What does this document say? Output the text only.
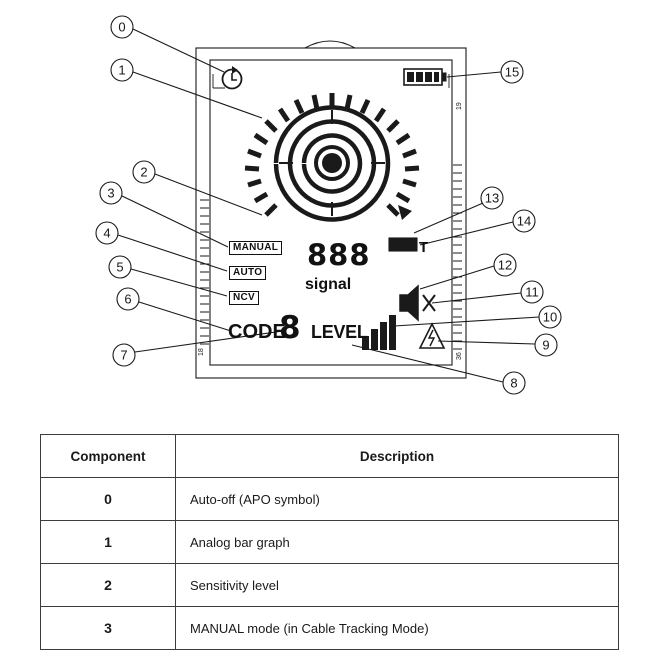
18
19
36
0
1
2
3
4
5
6
7
8
9
10
11
12
13
14
15
MANUAL
AUTO
NCV
CODE
8
888
signal
LEVEL
T
Component	Description
0	Auto-off (APO symbol)
1	Analog bar graph
2	Sensitivity level
3	MANUAL mode (in Cable Tracking Mode)
